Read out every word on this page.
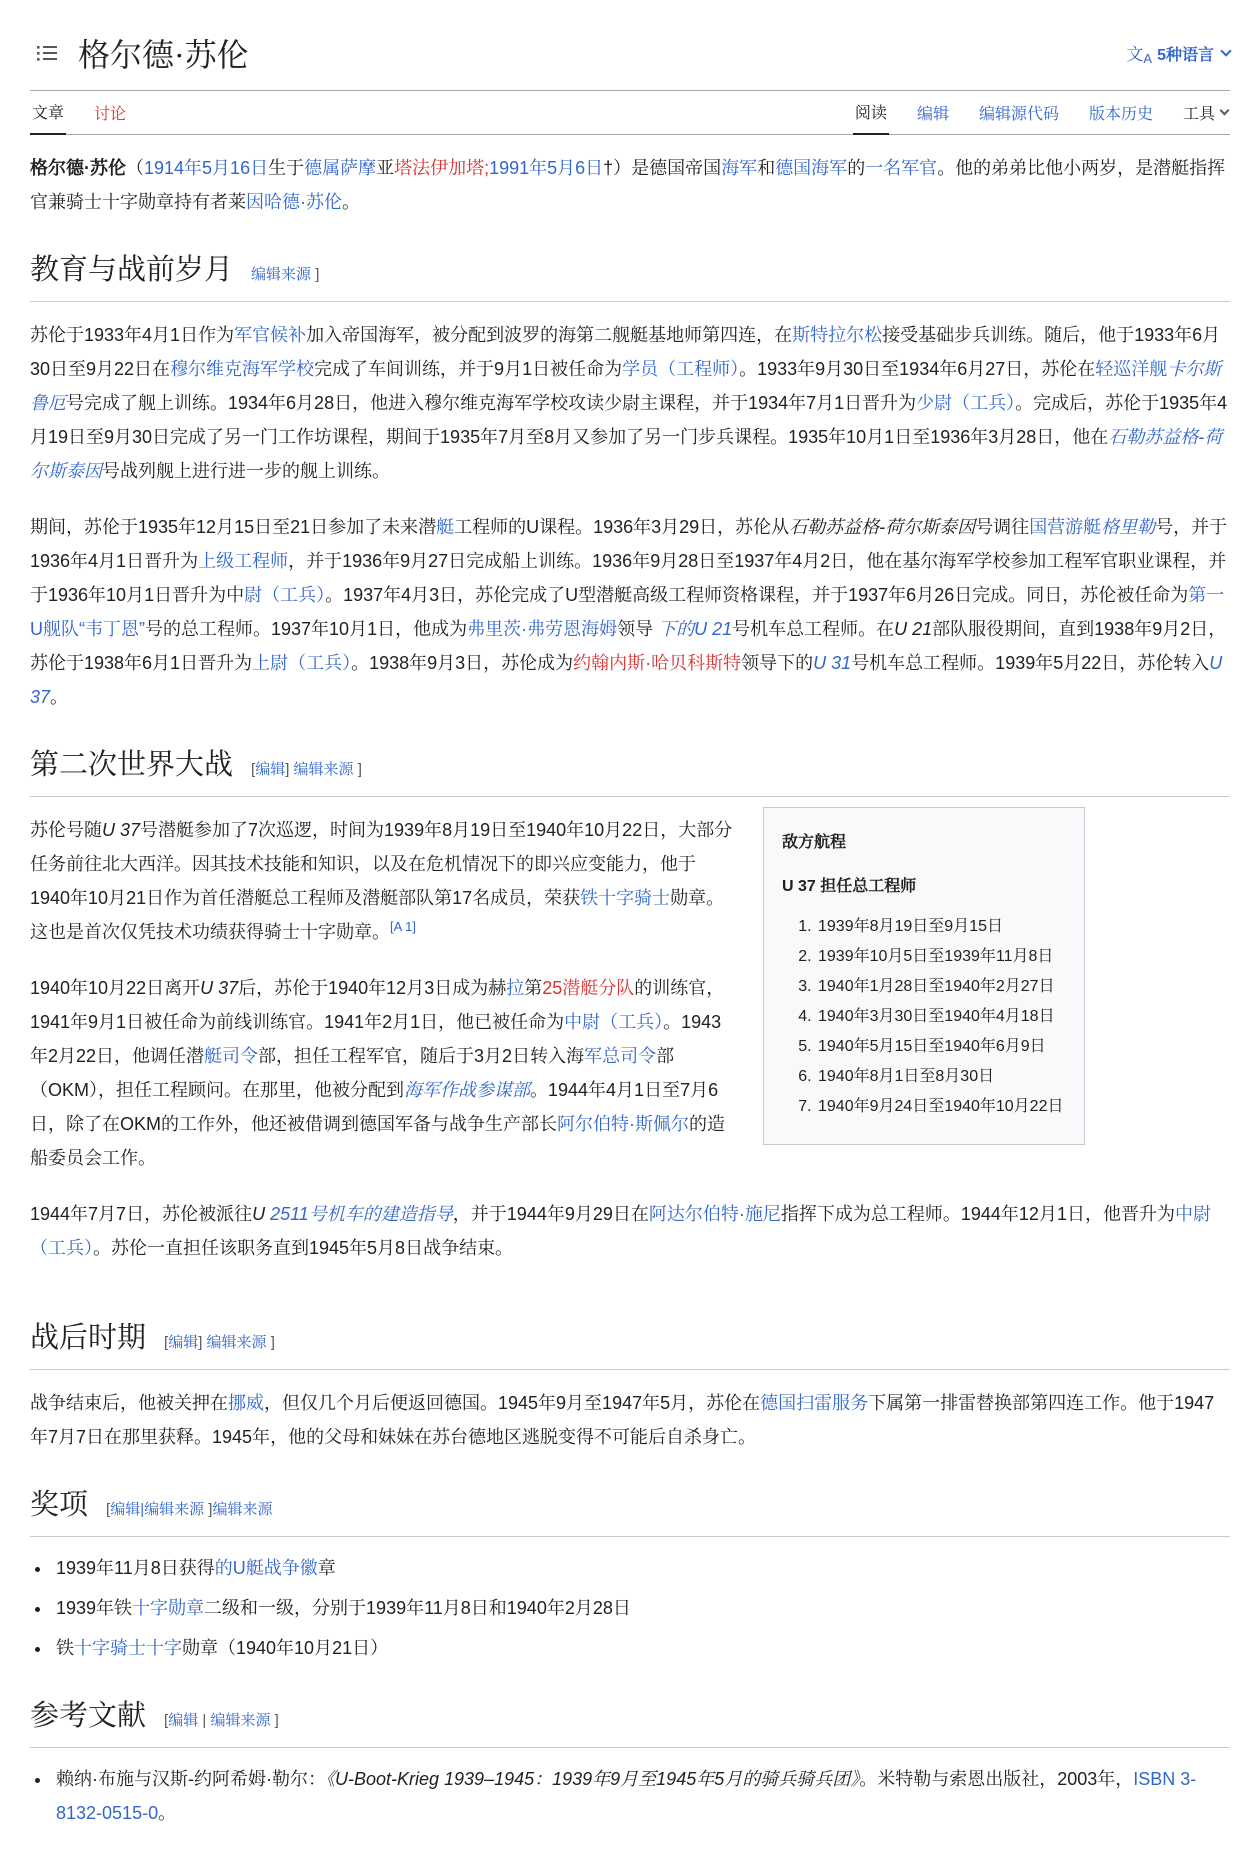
格尔德·苏伦	文$_A$ 5种语言
文章 讨论	阅读 编辑 编辑源代码 版本历史 工具

格尔德·苏伦（1914年5月16日生于德属萨摩亚塔法伊加塔;1991年5月6日†）是德国帝国海军和德国海军的一名军官。他的弟弟比他小两岁，是潜艇指挥官兼骑士十字勋章持有者莱因哈德·苏伦。

教育与战前岁月 编辑来源 ]

苏伦于1933年4月1日作为军官候补加入帝国海军，被分配到波罗的海第二舰艇基地师第四连，在斯特拉尔松接受基础步兵训练。随后，他于1933年6月30日至9月22日在穆尔维克海军学校完成了车间训练，并于9月1日被任命为学员（工程师）。1933年9月30日至1934年6月27日，苏伦在轻巡洋舰卡尔斯鲁厄号完成了舰上训练。1934年6月28日，他进入穆尔维克海军学校攻读少尉主课程，并于1934年7月1日晋升为少尉（工兵）。完成后，苏伦于1935年4月19日至9月30日完成了另一门工作坊课程，期间于1935年7月至8月又参加了另一门步兵课程。1935年10月1日至1936年3月28日，他在石勒苏益格-荷尔斯泰因号战列舰上进行进一步的舰上训练。

期间，苏伦于1935年12月15日至21日参加了未来潜艇工程师的U课程。1936年3月29日，苏伦从石勒苏益格-荷尔斯泰因号调往国营游艇格里勒号，并于1936年4月1日晋升为上级工程师，并于1936年9月27日完成船上训练。1936年9月28日至1937年4月2日，他在基尔海军学校参加工程军官职业课程，并于1936年10月1日晋升为中尉（工兵）。1937年4月3日，苏伦完成了U型潜艇高级工程师资格课程，并于1937年6月26日完成。同日，苏伦被任命为第一U舰队“韦丁恩”号的总工程师。1937年10月1日，他成为弗里茨·弗劳恩海姆领导 下的U 21号机车总工程师。在U 21部队服役期间，直到1938年9月2日，苏伦于1938年6月1日晋升为上尉（工兵）。1938年9月3日，苏伦成为约翰内斯·哈贝科斯特领导下的U 31号机车总工程师。1939年5月22日，苏伦转入U 37。

第二次世界大战 [编辑] 编辑来源 ]
敌方航程
U 37 担任总工程师
1. 1939年8月19日至9月15日
2. 1939年10月5日至1939年11月8日
3. 1940年1月28日至1940年2月27日
4. 1940年3月30日至1940年4月18日
5. 1940年5月15日至1940年6月9日
6. 1940年8月1日至8月30日
7. 1940年9月24日至1940年10月22日

苏伦号随U 37号潜艇参加了7次巡逻，时间为1939年8月19日至1940年10月22日，大部分任务前往北大西洋。因其技术技能和知识，以及在危机情况下的即兴应变能力，他于1940年10月21日作为首任潜艇总工程师及潜艇部队第17名成员，荣获铁十字骑士勋章。这也是首次仅凭技术功绩获得骑士十字勋章。[A 1]

1940年10月22日离开U 37后，苏伦于1940年12月3日成为赫拉第25潜艇分队的训练官，1941年9月1日被任命为前线训练官。1941年2月1日，他已被任命为中尉（工兵）。1943年2月22日，他调任潜艇司令部，担任工程军官，随后于3月2日转入海军总司令部（OKM），担任工程顾问。在那里，他被分配到海军作战参谋部。1944年4月1日至7月6日，除了在OKM的工作外，他还被借调到德国军备与战争生产部长阿尔伯特·斯佩尔的造船委员会工作。

1944年7月7日，苏伦被派往U 2511号机车的建造指导，并于1944年9月29日在阿达尔伯特·施尼指挥下成为总工程师。1944年12月1日，他晋升为中尉（工兵）。苏伦一直担任该职务直到1945年5月8日战争结束。

战后时期 [编辑] 编辑来源 ]

战争结束后，他被关押在挪威，但仅几个月后便返回德国。1945年9月至1947年5月，苏伦在德国扫雷服务下属第一排雷替换部第四连工作。他于1947年7月7日在那里获释。1945年，他的父母和妹妹在苏台德地区逃脱变得不可能后自杀身亡。

奖项 [编辑|编辑来源 ]编辑来源
• 1939年11月8日获得的U艇战争徽章
• 1939年铁十字勋章二级和一级，分别于1939年11月8日和1940年2月28日
• 铁十字骑士十字勋章（1940年10月21日）
参考文献 [编辑 | 编辑来源 ]
• 赖纳·布施与汉斯-约阿希姆·勒尔：《U-Boot-Krieg 1939–1945：1939年9月至1945年5月的骑兵骑兵团》。米特勒与索恩出版社，2003年，ISBN 3-8132-0515-0。
